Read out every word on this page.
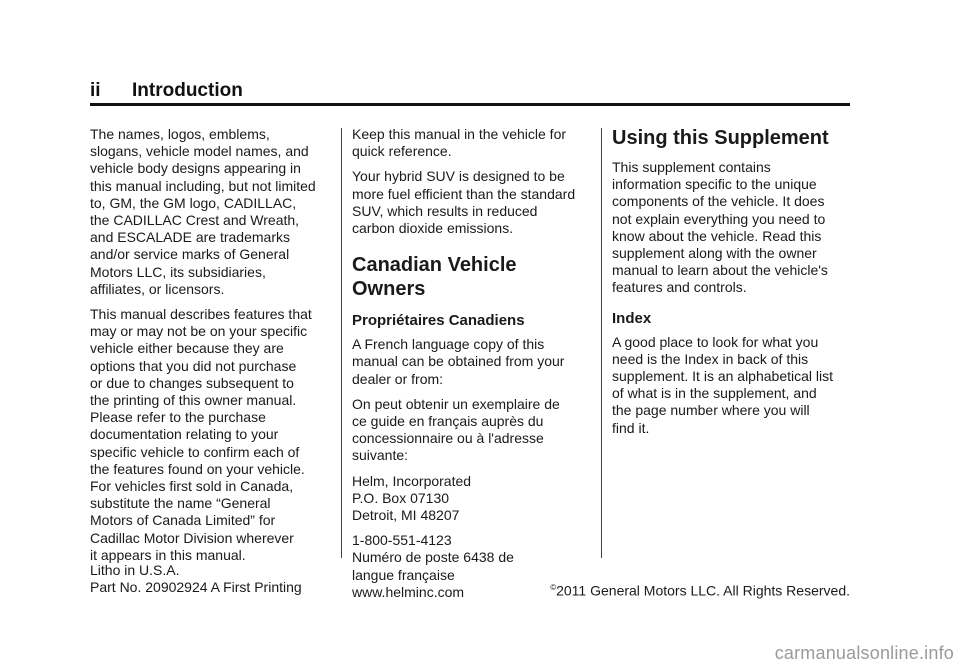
ii Introduction

The names, logos, emblems,
slogans, vehicle model names, and
vehicle body designs appearing in
this manual including, but not limited
to, GM, the GM logo, CADILLAC,
the CADILLAC Crest and Wreath,
and ESCALADE are trademarks
and/or service marks of General
Motors LLC, its subsidiaries,
affiliates, or licensors.

This manual describes features that
may or may not be on your specific
vehicle either because they are
options that you did not purchase
or due to changes subsequent to
the printing of this owner manual.
Please refer to the purchase
documentation relating to your
specific vehicle to confirm each of
the features found on your vehicle.
For vehicles first sold in Canada,
substitute the name “General
Motors of Canada Limited” for
Cadillac Motor Division wherever
it appears in this manual.

Keep this manual in the vehicle for
quick reference.

Your hybrid SUV is designed to be
more fuel efficient than the standard
SUV, which results in reduced
carbon dioxide emissions.

Canadian Vehicle Owners
Propriétaires Canadiens

A French language copy of this
manual can be obtained from your
dealer or from:

On peut obtenir un exemplaire de
ce guide en français auprès du
concessionnaire ou à l'adresse
suivante:

Helm, Incorporated
P.O. Box 07130
Detroit, MI 48207

1-800-551-4123
Numéro de poste 6438 de
langue française
www.helminc.com

Using this Supplement

This supplement contains
information specific to the unique
components of the vehicle. It does
not explain everything you need to
know about the vehicle. Read this
supplement along with the owner
manual to learn about the vehicle's
features and controls.

Index

A good place to look for what you
need is the Index in back of this
supplement. It is an alphabetical list
of what is in the supplement, and
the page number where you will
find it.

Litho in U.S.A.
Part No. 20902924 A First Printing	©2011 General Motors LLC. All Rights Reserved.
carmanualsonline.info
